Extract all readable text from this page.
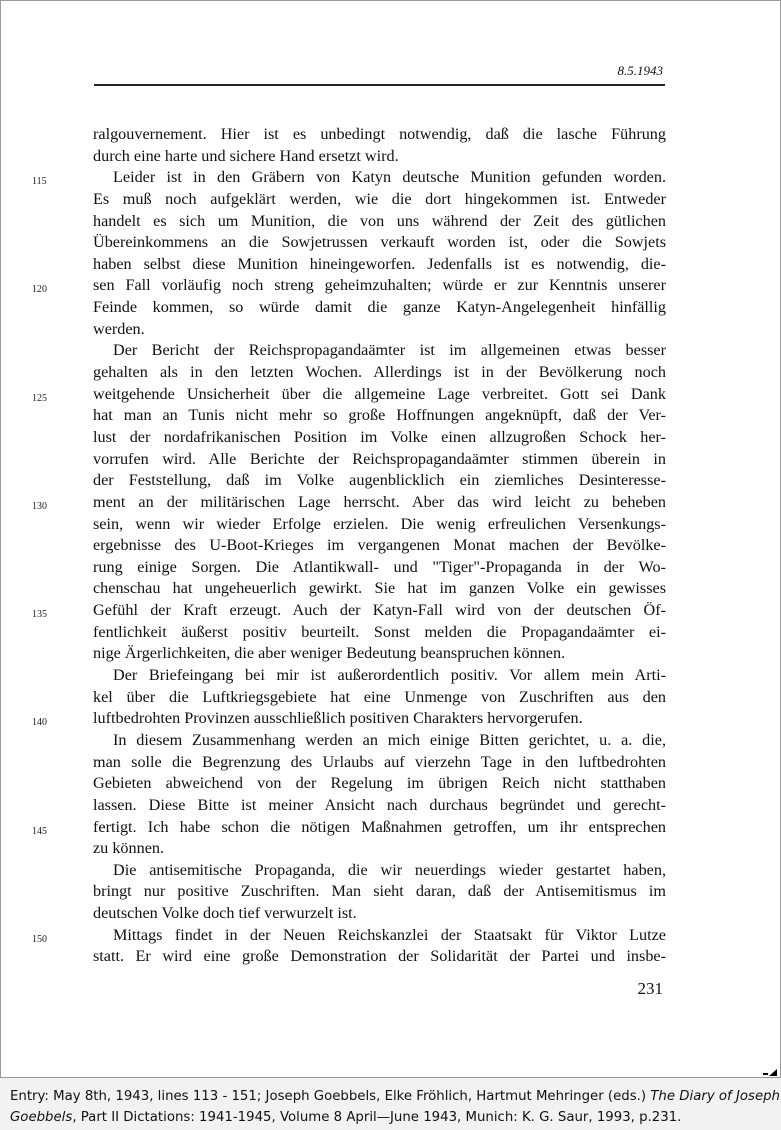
8.5.1943
ralgouvernement. Hier ist es unbedingt notwendig, daß die lasche Führung
durch eine harte und sichere Hand ersetzt wird.
Leider ist in den Gräbern von Katyn deutsche Munition gefunden worden.
115
Es muß noch aufgeklärt werden, wie die dort hingekommen ist. Entweder
handelt es sich um Munition, die von uns während der Zeit des gütlichen
Übereinkommens an die Sowjetrussen verkauft worden ist, oder die Sowjets
haben selbst diese Munition hineingeworfen. Jedenfalls ist es notwendig, die-
sen Fall vorläufig noch streng geheimzuhalten; würde er zur Kenntnis unserer
120
Feinde kommen, so würde damit die ganze Katyn-Angelegenheit hinfällig
werden.
Der Bericht der Reichspropagandaämter ist im allgemeinen etwas besser
gehalten als in den letzten Wochen. Allerdings ist in der Bevölkerung noch
weitgehende Unsicherheit über die allgemeine Lage verbreitet. Gott sei Dank
125
hat man an Tunis nicht mehr so große Hoffnungen angeknüpft, daß der Ver-
lust der nordafrikanischen Position im Volke einen allzugroßen Schock her-
vorrufen wird. Alle Berichte der Reichspropagandaämter stimmen überein in
der Feststellung, daß im Volke augenblicklich ein ziemliches Desinteresse-
ment an der militärischen Lage herrscht. Aber das wird leicht zu beheben
130
sein, wenn wir wieder Erfolge erzielen. Die wenig erfreulichen Versenkungs-
ergebnisse des U-Boot-Krieges im vergangenen Monat machen der Bevölke-
rung einige Sorgen. Die Atlantikwall- und "Tiger"-Propaganda in der Wo-
chenschau hat ungeheuerlich gewirkt. Sie hat im ganzen Volke ein gewisses
Gefühl der Kraft erzeugt. Auch der Katyn-Fall wird von der deutschen Öf-
135
fentlichkeit äußerst positiv beurteilt. Sonst melden die Propagandaämter ei-
nige Ärgerlichkeiten, die aber weniger Bedeutung beanspruchen können.
Der Briefeingang bei mir ist außerordentlich positiv. Vor allem mein Arti-
kel über die Luftkriegsgebiete hat eine Unmenge von Zuschriften aus den
luftbedrohten Provinzen ausschließlich positiven Charakters hervorgerufen.
140
In diesem Zusammenhang werden an mich einige Bitten gerichtet, u. a. die,
man solle die Begrenzung des Urlaubs auf vierzehn Tage in den luftbedrohten
Gebieten abweichend von der Regelung im übrigen Reich nicht statthaben
lassen. Diese Bitte ist meiner Ansicht nach durchaus begründet und gerecht-
fertigt. Ich habe schon die nötigen Maßnahmen getroffen, um ihr entsprechen
145
zu können.
Die antisemitische Propaganda, die wir neuerdings wieder gestartet haben,
bringt nur positive Zuschriften. Man sieht daran, daß der Antisemitismus im
deutschen Volke doch tief verwurzelt ist.
Mittags findet in der Neuen Reichskanzlei der Staatsakt für Viktor Lutze
150
statt. Er wird eine große Demonstration der Solidarität der Partei und insbe-
231
Entry: May 8th, 1943, lines 113 - 151; Joseph Goebbels, Elke Fröhlich, Hartmut Mehringer (eds.) The Diary of Joseph Goebbels, Part II Dictations: 1941-1945, Volume 8 April—June 1943, Munich: K. G. Saur, 1993, p.231.
